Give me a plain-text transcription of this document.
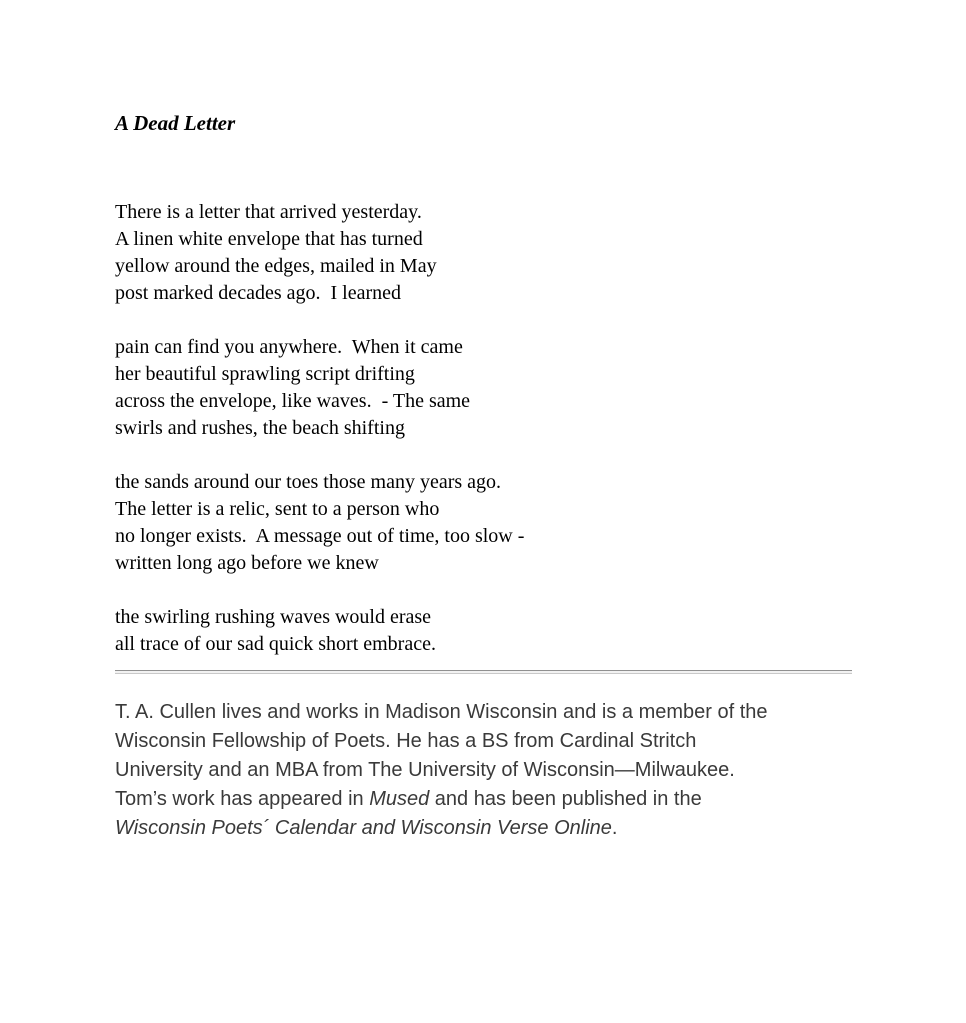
A Dead Letter
There is a letter that arrived yesterday.
A linen white envelope that has turned
yellow around the edges, mailed in May
post marked decades ago.  I learned
pain can find you anywhere.  When it came
her beautiful sprawling script drifting
across the envelope, like waves.  - The same
swirls and rushes, the beach shifting
the sands around our toes those many years ago.
The letter is a relic, sent to a person who
no longer exists.  A message out of time, too slow -
written long ago before we knew
the swirling rushing waves would erase
all trace of our sad quick short embrace.
T. A. Cullen lives and works in Madison Wisconsin and is a member of the
Wisconsin Fellowship of Poets. He has a BS from Cardinal Stritch
University and an MBA from The University of Wisconsin—Milwaukee.
Tom’s work has appeared in Mused and has been published in the
Wisconsin Poets´ Calendar and Wisconsin Verse Online.
